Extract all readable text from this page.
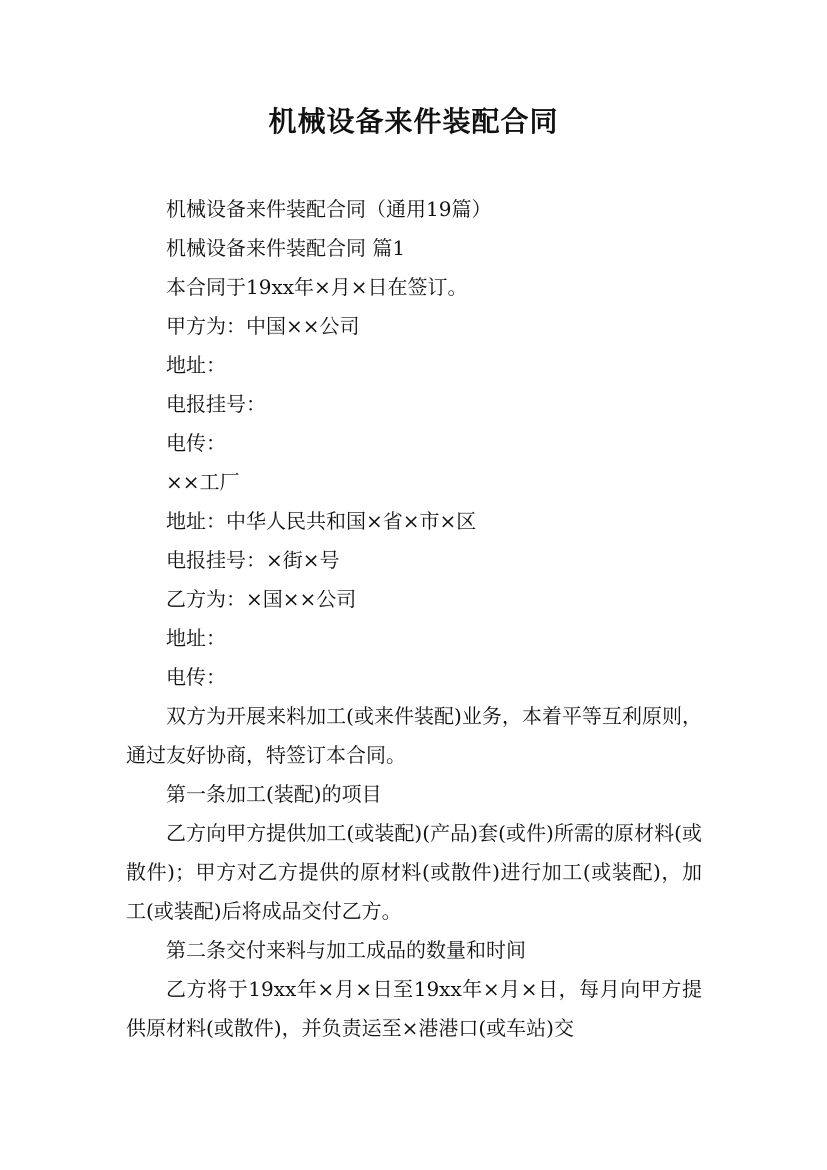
机械设备来件装配合同

机械设备来件装配合同（通用19篇）

机械设备来件装配合同 篇1

本合同于19xx年×月×日在签订。

甲方为：中国××公司

地址：

电报挂号：

电传：

××工厂

地址：中华人民共和国×省×市×区

电报挂号：×街×号

乙方为：×国××公司

地址：

电传：

双方为开展来料加工(或来件装配)业务，本着平等互利原则，通过友好协商，特签订本合同。

第一条加工(装配)的项目

乙方向甲方提供加工(或装配)(产品)套(或件)所需的原材料(或散件)；甲方对乙方提供的原材料(或散件)进行加工(或装配)，加工(或装配)后将成品交付乙方。

第二条交付来料与加工成品的数量和时间

乙方将于19xx年×月×日至19xx年×月×日，每月向甲方提供原材料(或散件)，并负责运至×港港口(或车站)交
